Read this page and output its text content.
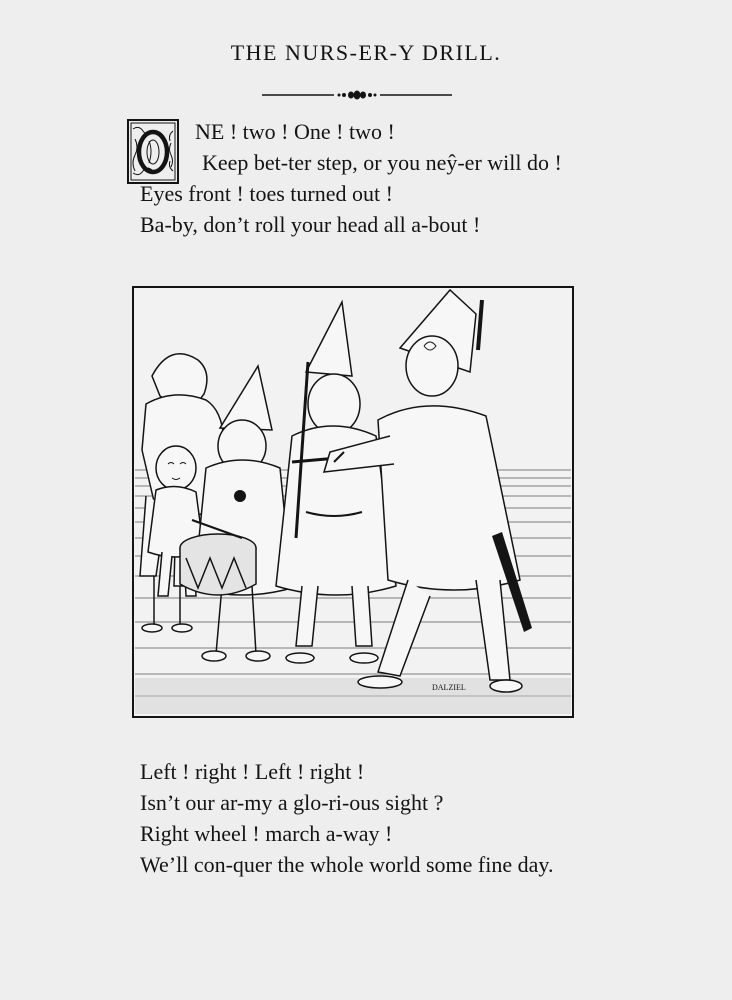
THE NURS-ER-Y DRILL.
NE ! two ! One ! two !
Keep bet-ter step, or you neŷ-er will do !
Eyes front ! toes turned out !
Ba-by, don’t roll your head all a-bout !
DALZIEL
Left ! right ! Left ! right !
Isn’t our ar-my a glo-ri-ous sight ?
Right wheel ! march a-way !
We’ll con-quer the whole world some fine day.
